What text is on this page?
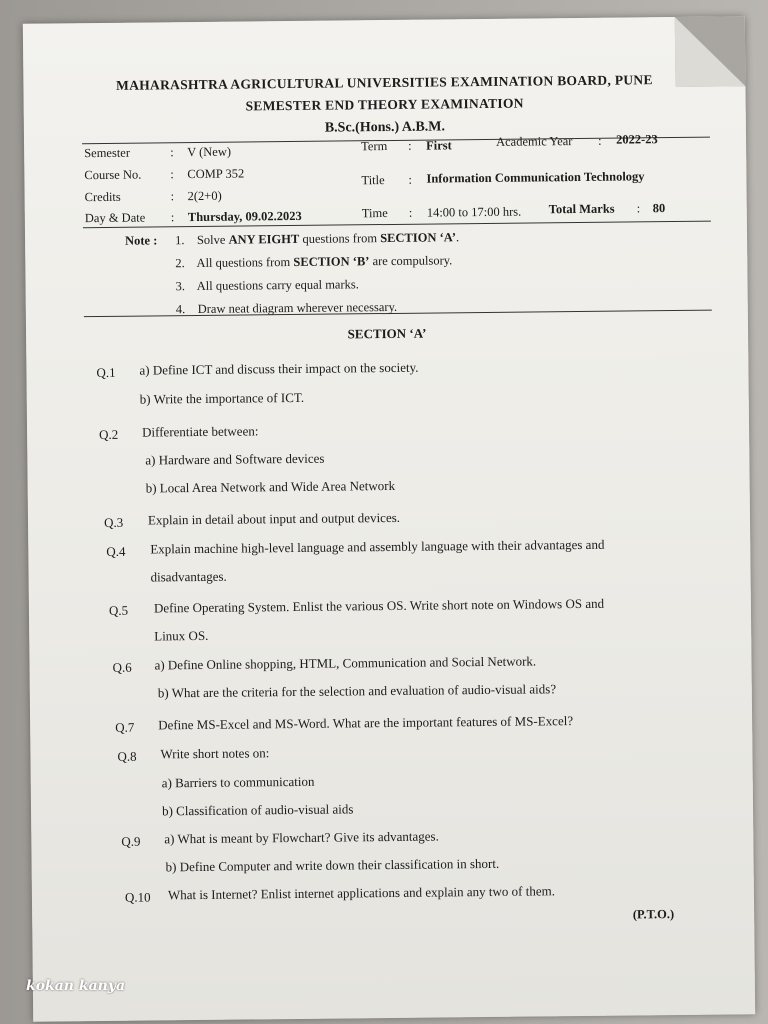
MAHARASHTRA AGRICULTURAL UNIVERSITIES EXAMINATION BOARD, PUNE
SEMESTER END THEORY EXAMINATION
B.Sc.(Hons.) A.B.M.
Semester	: V (New)
Course No. : COMP 352
Credits	: 2(2+0)
Day & Date : Thursday, 09.02.2023
Term : First	Academic Year : 2022-23
Title : Information Communication Technology
Time : 14:00 to 17:00 hrs. Total Marks : 80
Note : 1. Solve ANY EIGHT questions from SECTION ‘A’.
2. All questions from SECTION ‘B’ are compulsory.
3. All questions carry equal marks.
4. Draw neat diagram wherever necessary.
SECTION ‘A’
Q.1 a) Define ICT and discuss their impact on the society.
b) Write the importance of ICT.
Q.2 Differentiate between:
a) Hardware and Software devices
b) Local Area Network and Wide Area Network
Q.3 Explain in detail about input and output devices.
Q.4 Explain machine high-level language and assembly language with their advantages and
disadvantages.
Q.5 Define Operating System. Enlist the various OS. Write short note on Windows OS and
Linux OS.
Q.6 a) Define Online shopping, HTML, Communication and Social Network.
b) What are the criteria for the selection and evaluation of audio-visual aids?
Q.7 Define MS-Excel and MS-Word. What are the important features of MS-Excel?
Q.8 Write short notes on:
a) Barriers to communication
b) Classification of audio-visual aids
Q.9 a) What is meant by Flowchart? Give its advantages.
b) Define Computer and write down their classification in short.
Q.10 What is Internet? Enlist internet applications and explain any two of them.
(P.T.O.)
kokan kanya
